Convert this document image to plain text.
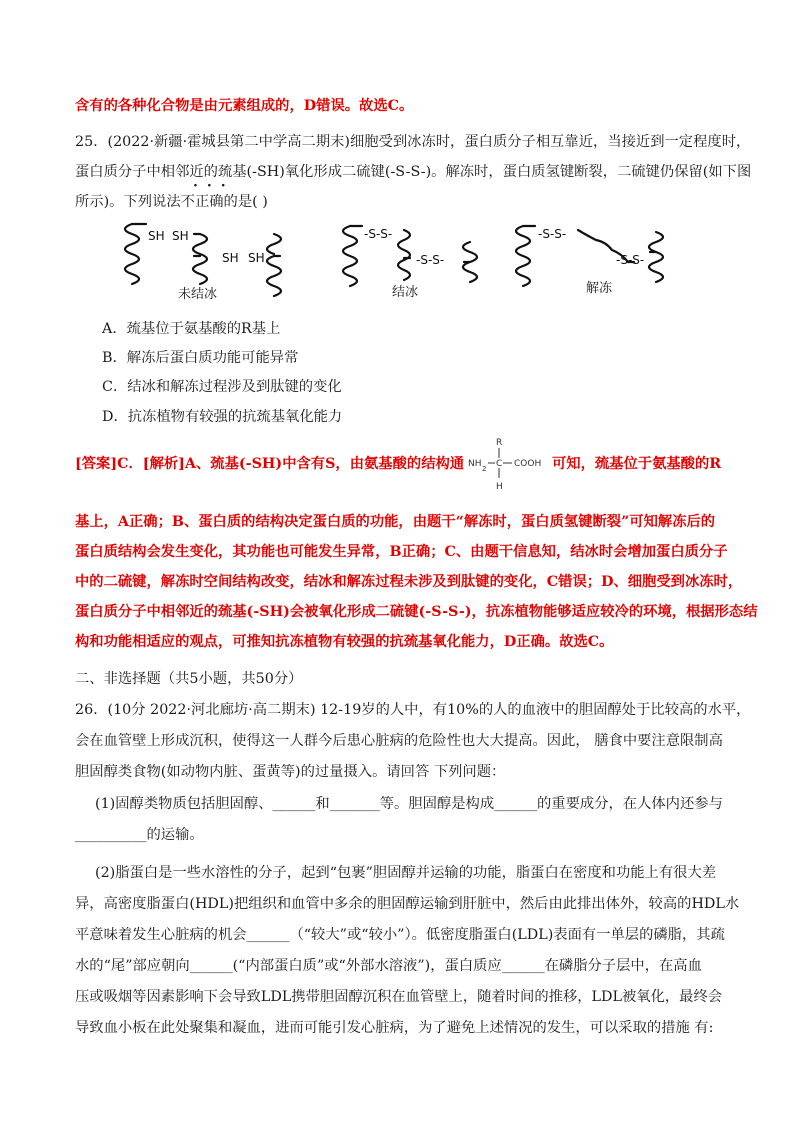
含有的各种化合物是由元素组成的，D错误。故选C。
25．(2022·新疆·霍城县第二中学高二期末)细胞受到冰冻时，蛋白质分子相互靠近，当接近到一定程度时，
蛋白质分子中相邻近的巯基(-SH)氧化形成二硫键(-S-S-)。解冻时，蛋白质氢键断裂，二硫键仍保留(如下图
所示)。下列说法不正确的是( )
···
SH SH
SH SH
-S-S-
-S-S-
-S-S-
-S-S-
未结冰	结冰	解冻
A．巯基位于氨基酸的R基上
B．解冻后蛋白质功能可能异常
C．结冰和解冻过程涉及到肽键的变化
D．抗冻植物有较强的抗巯基氧化能力
[答案]C．[解析]A、巯基(-SH)中含有S，由氨基酸的结构通
R
NH 2	COOH
H
C	可知，巯基位于氨基酸的R
基上，A正确；B、蛋白质的结构决定蛋白质的功能，由题干“解冻时，蛋白质氢键断裂”可知解冻后的
蛋白质结构会发生变化，其功能也可能发生异常，B正确；C、由题干信息知，结冰时会增加蛋白质分子
中的二硫键，解冻时空间结构改变，结冰和解冻过程未涉及到肽键的变化，C错误；D、细胞受到冰冻时，
蛋白质分子中相邻近的巯基(-SH)会被氧化形成二硫键(-S-S-)，抗冻植物能够适应较冷的环境，根据形态结
构和功能相适应的观点，可推知抗冻植物有较强的抗巯基氧化能力，D正确。故选C。
二、非选择题（共5小题，共50分）
26．(10分 2022·河北廊坊·高二期末) 12-19岁的人中，有10%的人的血液中的胆固醇处于比较高的水平，
会在血管壁上形成沉积，使得这一人群今后患心脏病的危险性也大大提高。因此， 膳食中要注意限制高
胆固醇类食物(如动物内脏、蛋黄等)的过量摄入。请回答 下列问题：
(1)固醇类物质包括胆固醇、______和_______等。胆固醇是构成______的重要成分，在人体内还参与
__________的运输。
(2)脂蛋白是一些水溶性的分子，起到“包裹”胆固醇并运输的功能，脂蛋白在密度和功能上有很大差
异，高密度脂蛋白(HDL)把组织和血管中多余的胆固醇运输到肝脏中，然后由此排出体外，较高的HDL水
平意味着发生心脏病的机会______（“较大”或“较小”）。低密度脂蛋白(LDL)表面有一单层的磷脂，其疏
水的“尾”部应朝向______(“内部蛋白质”或“外部水溶液”)，蛋白质应______在磷脂分子层中，在高血
压或吸烟等因素影响下会导致LDL携带胆固醇沉积在血管壁上，随着时间的推移，LDL被氧化，最终会
导致血小板在此处聚集和凝血，进而可能引发心脏病，为了避免上述情况的发生，可以采取的措施 有:
